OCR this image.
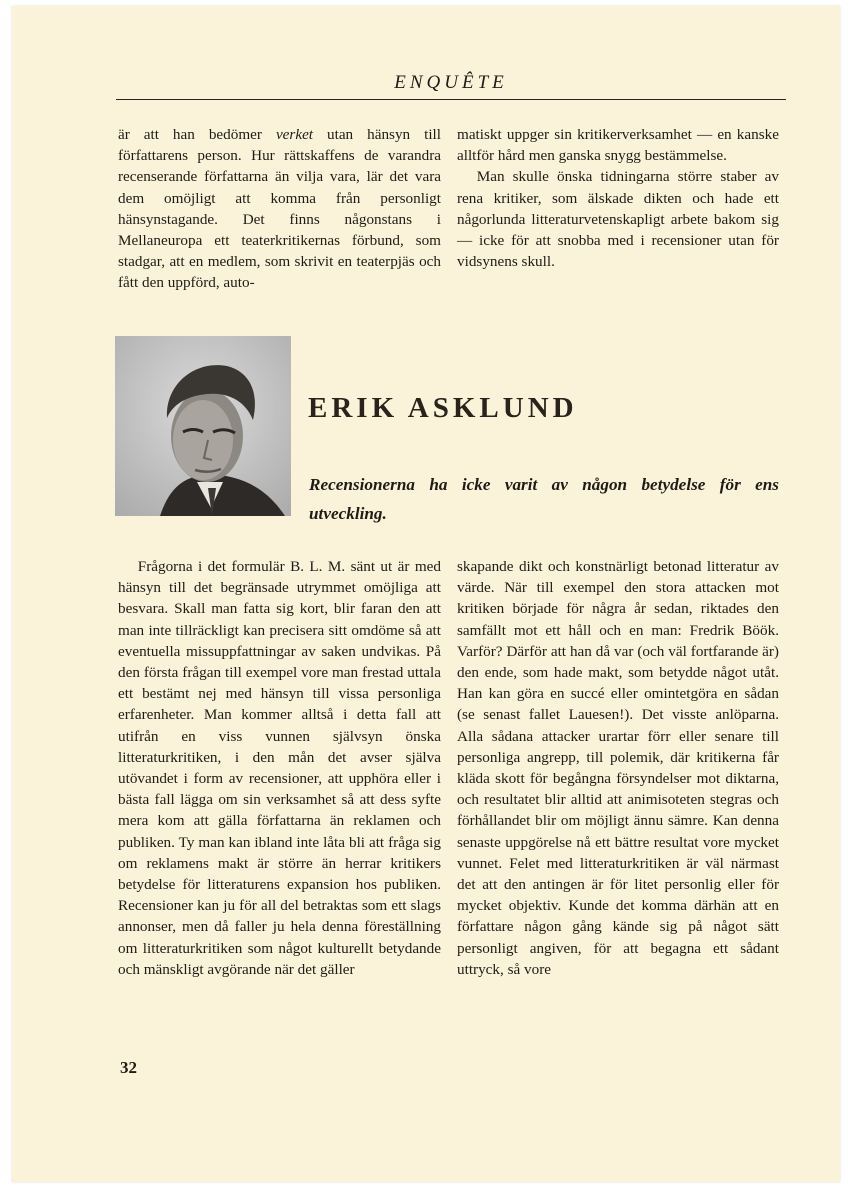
ENQUÊTE

är att han bedömer verket utan hänsyn till författarens person. Hur rättskaffens de varandra recenserande författarna än vilja vara, lär det vara dem omöjligt att komma från personligt hänsynstagande. Det finns någonstans i Mellaneuropa ett teaterkritikernas förbund, som stadgar, att en medlem, som skrivit en teaterpjäs och fått den uppförd, auto-

matiskt uppger sin kritikerverksamhet — en kanske alltför hård men ganska snygg bestämmelse.

Man skulle önska tidningarna större staber av rena kritiker, som älskade dikten och hade ett någorlunda litteraturvetenskapligt arbete bakom sig — icke för att snobba med i recensioner utan för vidsynens skull.

ERIK ASKLUND
Recensionerna ha icke varit av någon betydelse för ens utveckling.

Frågorna i det formulär B. L. M. sänt ut är med hänsyn till det begränsade utrymmet omöjliga att besvara. Skall man fatta sig kort, blir faran den att man inte tillräckligt kan precisera sitt omdöme så att eventuella missuppfattningar av saken undvikas. På den första frågan till exempel vore man frestad uttala ett bestämt nej med hänsyn till vissa personliga erfarenheter. Man kommer alltså i detta fall att utifrån en viss vunnen självsyn önska litteraturkritiken, i den mån det avser själva utövandet i form av recensioner, att upphöra eller i bästa fall lägga om sin verksamhet så att dess syfte mera kom att gälla författarna än reklamen och publiken. Ty man kan ibland inte låta bli att fråga sig om reklamens makt är större än herrar kritikers betydelse för litteraturens expansion hos publiken. Recensioner kan ju för all del betraktas som ett slags annonser, men då faller ju hela denna föreställning om litteraturkritiken som något kulturellt betydande och mänskligt avgörande när det gäller

skapande dikt och konstnärligt betonad litteratur av värde. När till exempel den stora attacken mot kritiken började för några år sedan, riktades den samfällt mot ett håll och en man: Fredrik Böök. Varför? Därför att han då var (och väl fortfarande är) den ende, som hade makt, som betydde något utåt. Han kan göra en succé eller omintetgöra en sådan (se senast fallet Lauesen!). Det visste anlöparna. Alla sådana attacker urartar förr eller senare till personliga angrepp, till polemik, där kritikerna får kläda skott för begångna försyndelser mot diktarna, och resultatet blir alltid att animisoteten stegras och förhållandet blir om möjligt ännu sämre. Kan denna senaste uppgörelse nå ett bättre resultat vore mycket vunnet. Felet med litteraturkritiken är väl närmast det att den antingen är för litet personlig eller för mycket objektiv. Kunde det komma därhän att en författare någon gång kände sig på något sätt personligt angiven, för att begagna ett sådant uttryck, så vore

32
